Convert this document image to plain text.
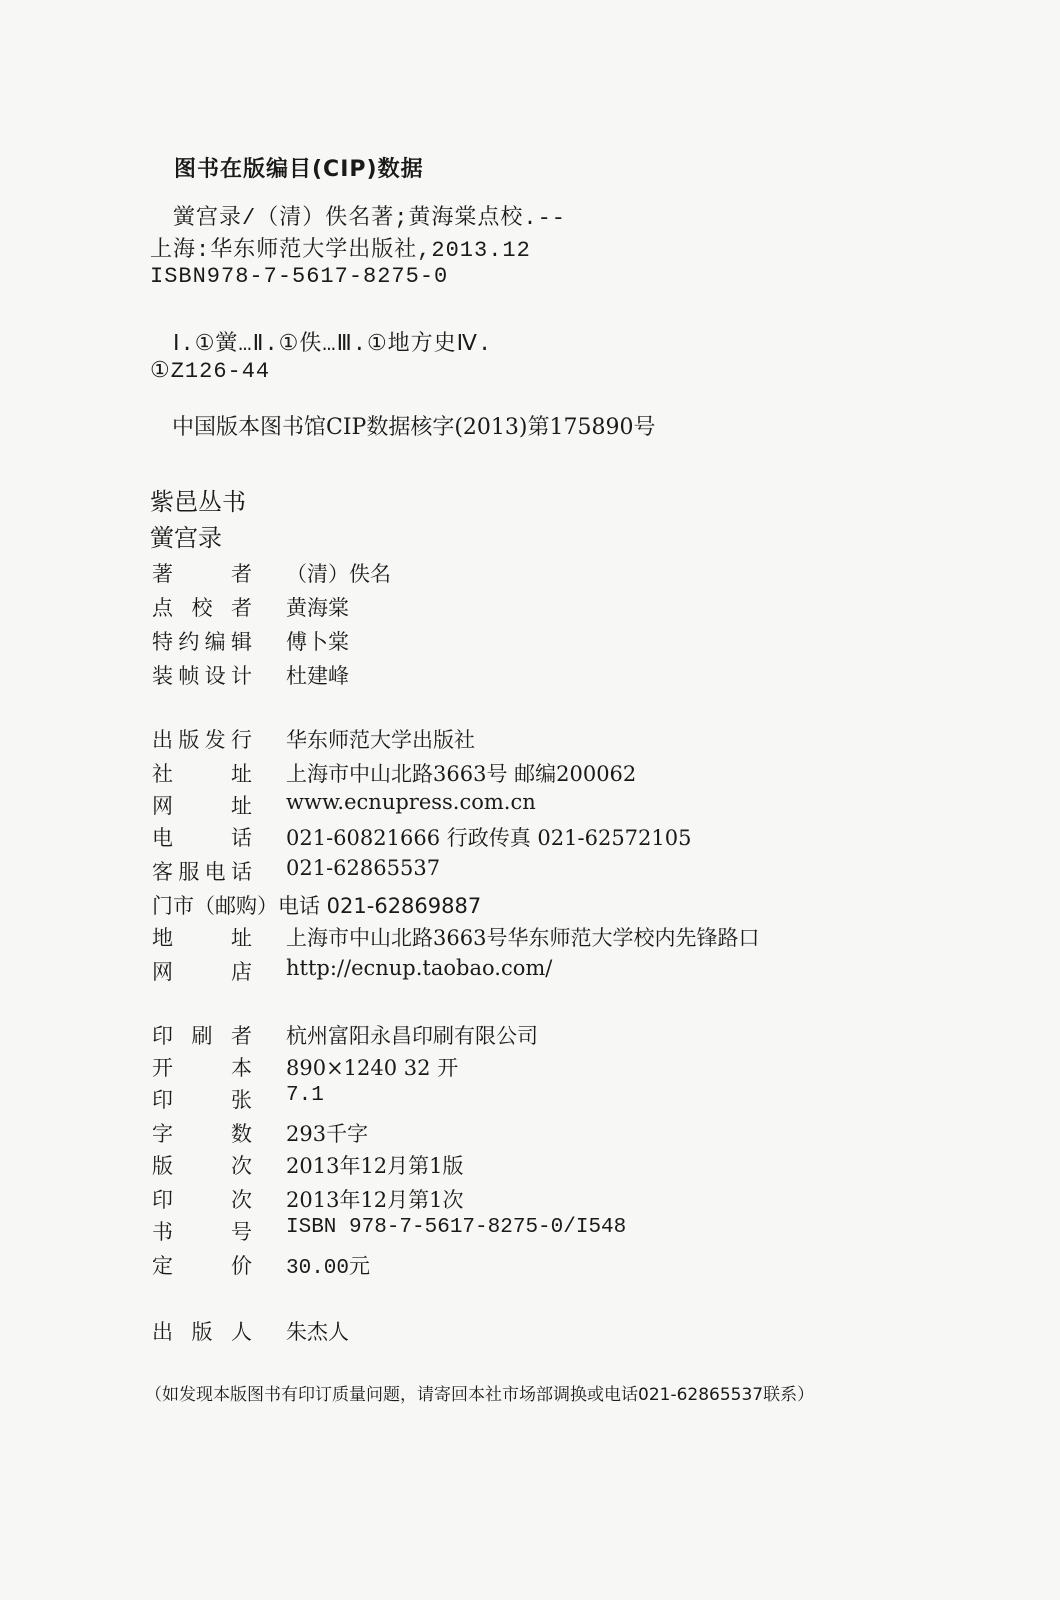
图书在版编目(CIP)数据
　黉宫录/（清）佚名著;黄海棠点校.--
上海:华东师范大学出版社,2013.12
ISBN978-7-5617-8275-0
　Ⅰ.①黉…Ⅱ.①佚…Ⅲ.①地方史Ⅳ.
①Z126-44
中国版本图书馆CIP数据核字(2013)第175890号
紫邑丛书
黉宫录
著	者 （清）佚名
点 校 者 黄海棠
特 约 编 辑 傅卜棠
装 帧 设 计 杜建峰
出 版 发 行 华东师范大学出版社
社	址 上海市中山北路3663号 邮编200062
网	址 www.ecnupress.com.cn
电	话 021-60821666 行政传真 021-62572105
客 服 电 话 021-62865537
门市（邮购）电话 021-62869887
地	址 上海市中山北路3663号华东师范大学校内先锋路口
网	店 http://ecnup.taobao.com/
印 刷 者 杭州富阳永昌印刷有限公司
开	本 890×1240 32 开
印	张 7.1
字	数 293千字
版	次 2013年12月第1版
印	次 2013年12月第1次
书	号 ISBN 978-7-5617-8275-0/I548
定	价 30.00元
出 版 人 朱杰人
（如发现本版图书有印订质量问题，请寄回本社市场部调换或电话021-62865537联系）
